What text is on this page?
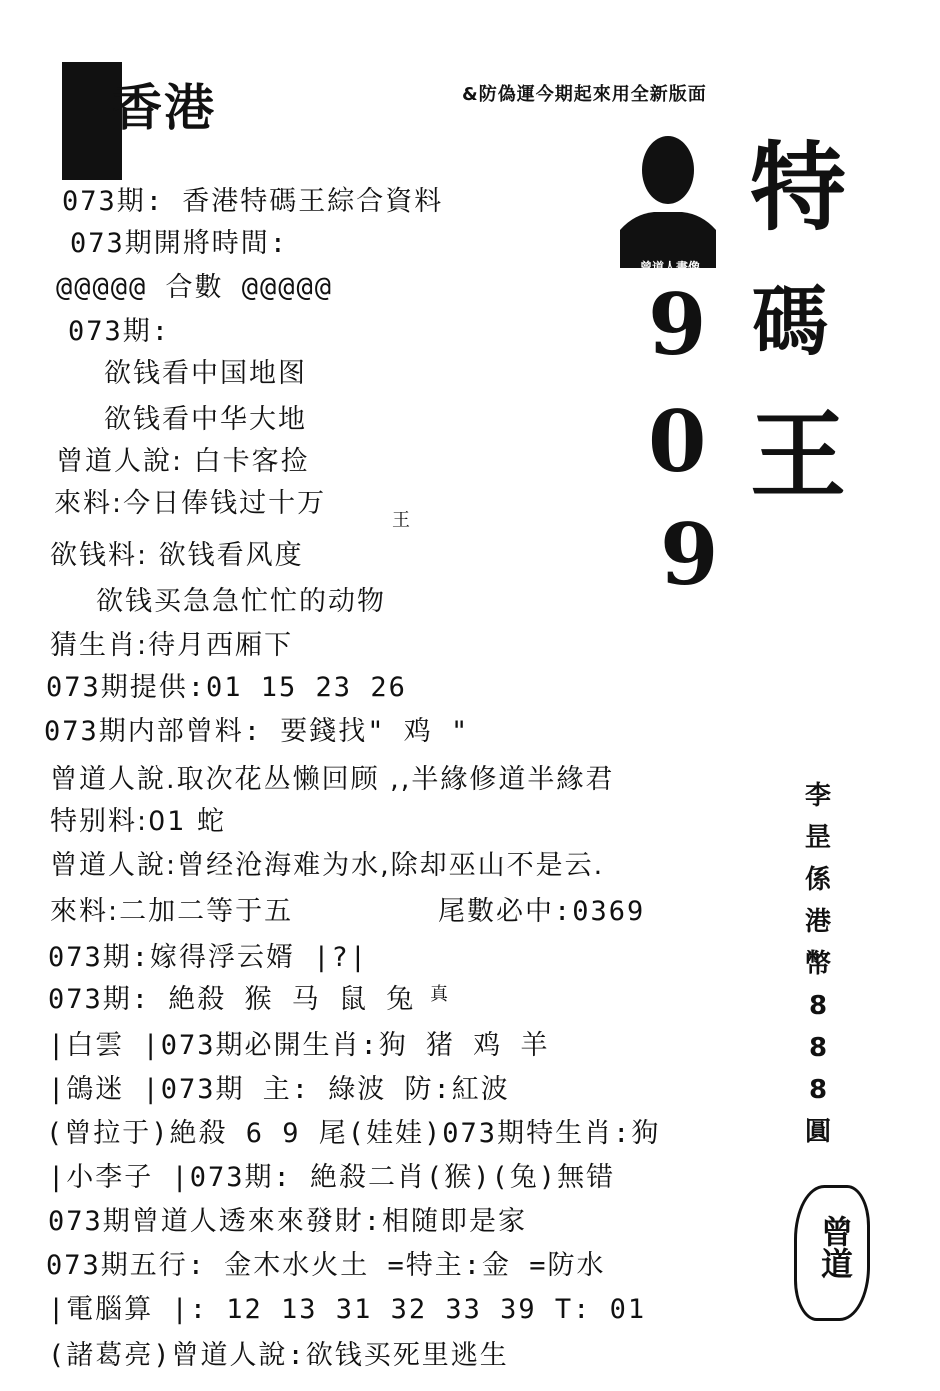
香港	&防偽運今期起來用全新版面
073期: 香港特碼王綜合資料
073期開將時間:
@@@@@ 合數 @@@@@
073期:
欲钱看中国地图
欲钱看中华大地
曾道人說: 白卡客捡
來料:今日俸钱过十万
欲钱料: 欲钱看风度
欲钱买急急忙忙的动物
猜生肖:待月西厢下
073期提供:01 15 23 26
073期内部曾料: 要錢找" 鸡 "
曾道人說.取次花丛懒回顾 ,,半緣修道半緣君
特别料:01 蛇
曾道人說:曾经沧海难为水,除却巫山不是云.
來料:二加二等于五	尾數必中:0369
073期:嫁得浮云婿 |?|
073期: 絶殺 猴 马 鼠 兔
|白雲 |073期必開生肖:狗 猪 鸡 羊
|鴿迷 |073期 主: 綠波 防:紅波
(曾拉于)絶殺 6 9 尾(娃娃)073期特生肖:狗
|小李子 |073期: 絶殺二肖(猴)(兔)無错
073期曾道人透來來發財:相随即是家
073期五行: 金木水火土 =特主:金 =防水
|電腦算 |: 12 13 31 32 33 39 T: 01
(諸葛亮)曾道人說:欲钱买死里逃生
王
真
曾道人畫像
9
0
9
特
碼
王
李
昰
係
港
幣
8
8
8
圓
曾道
